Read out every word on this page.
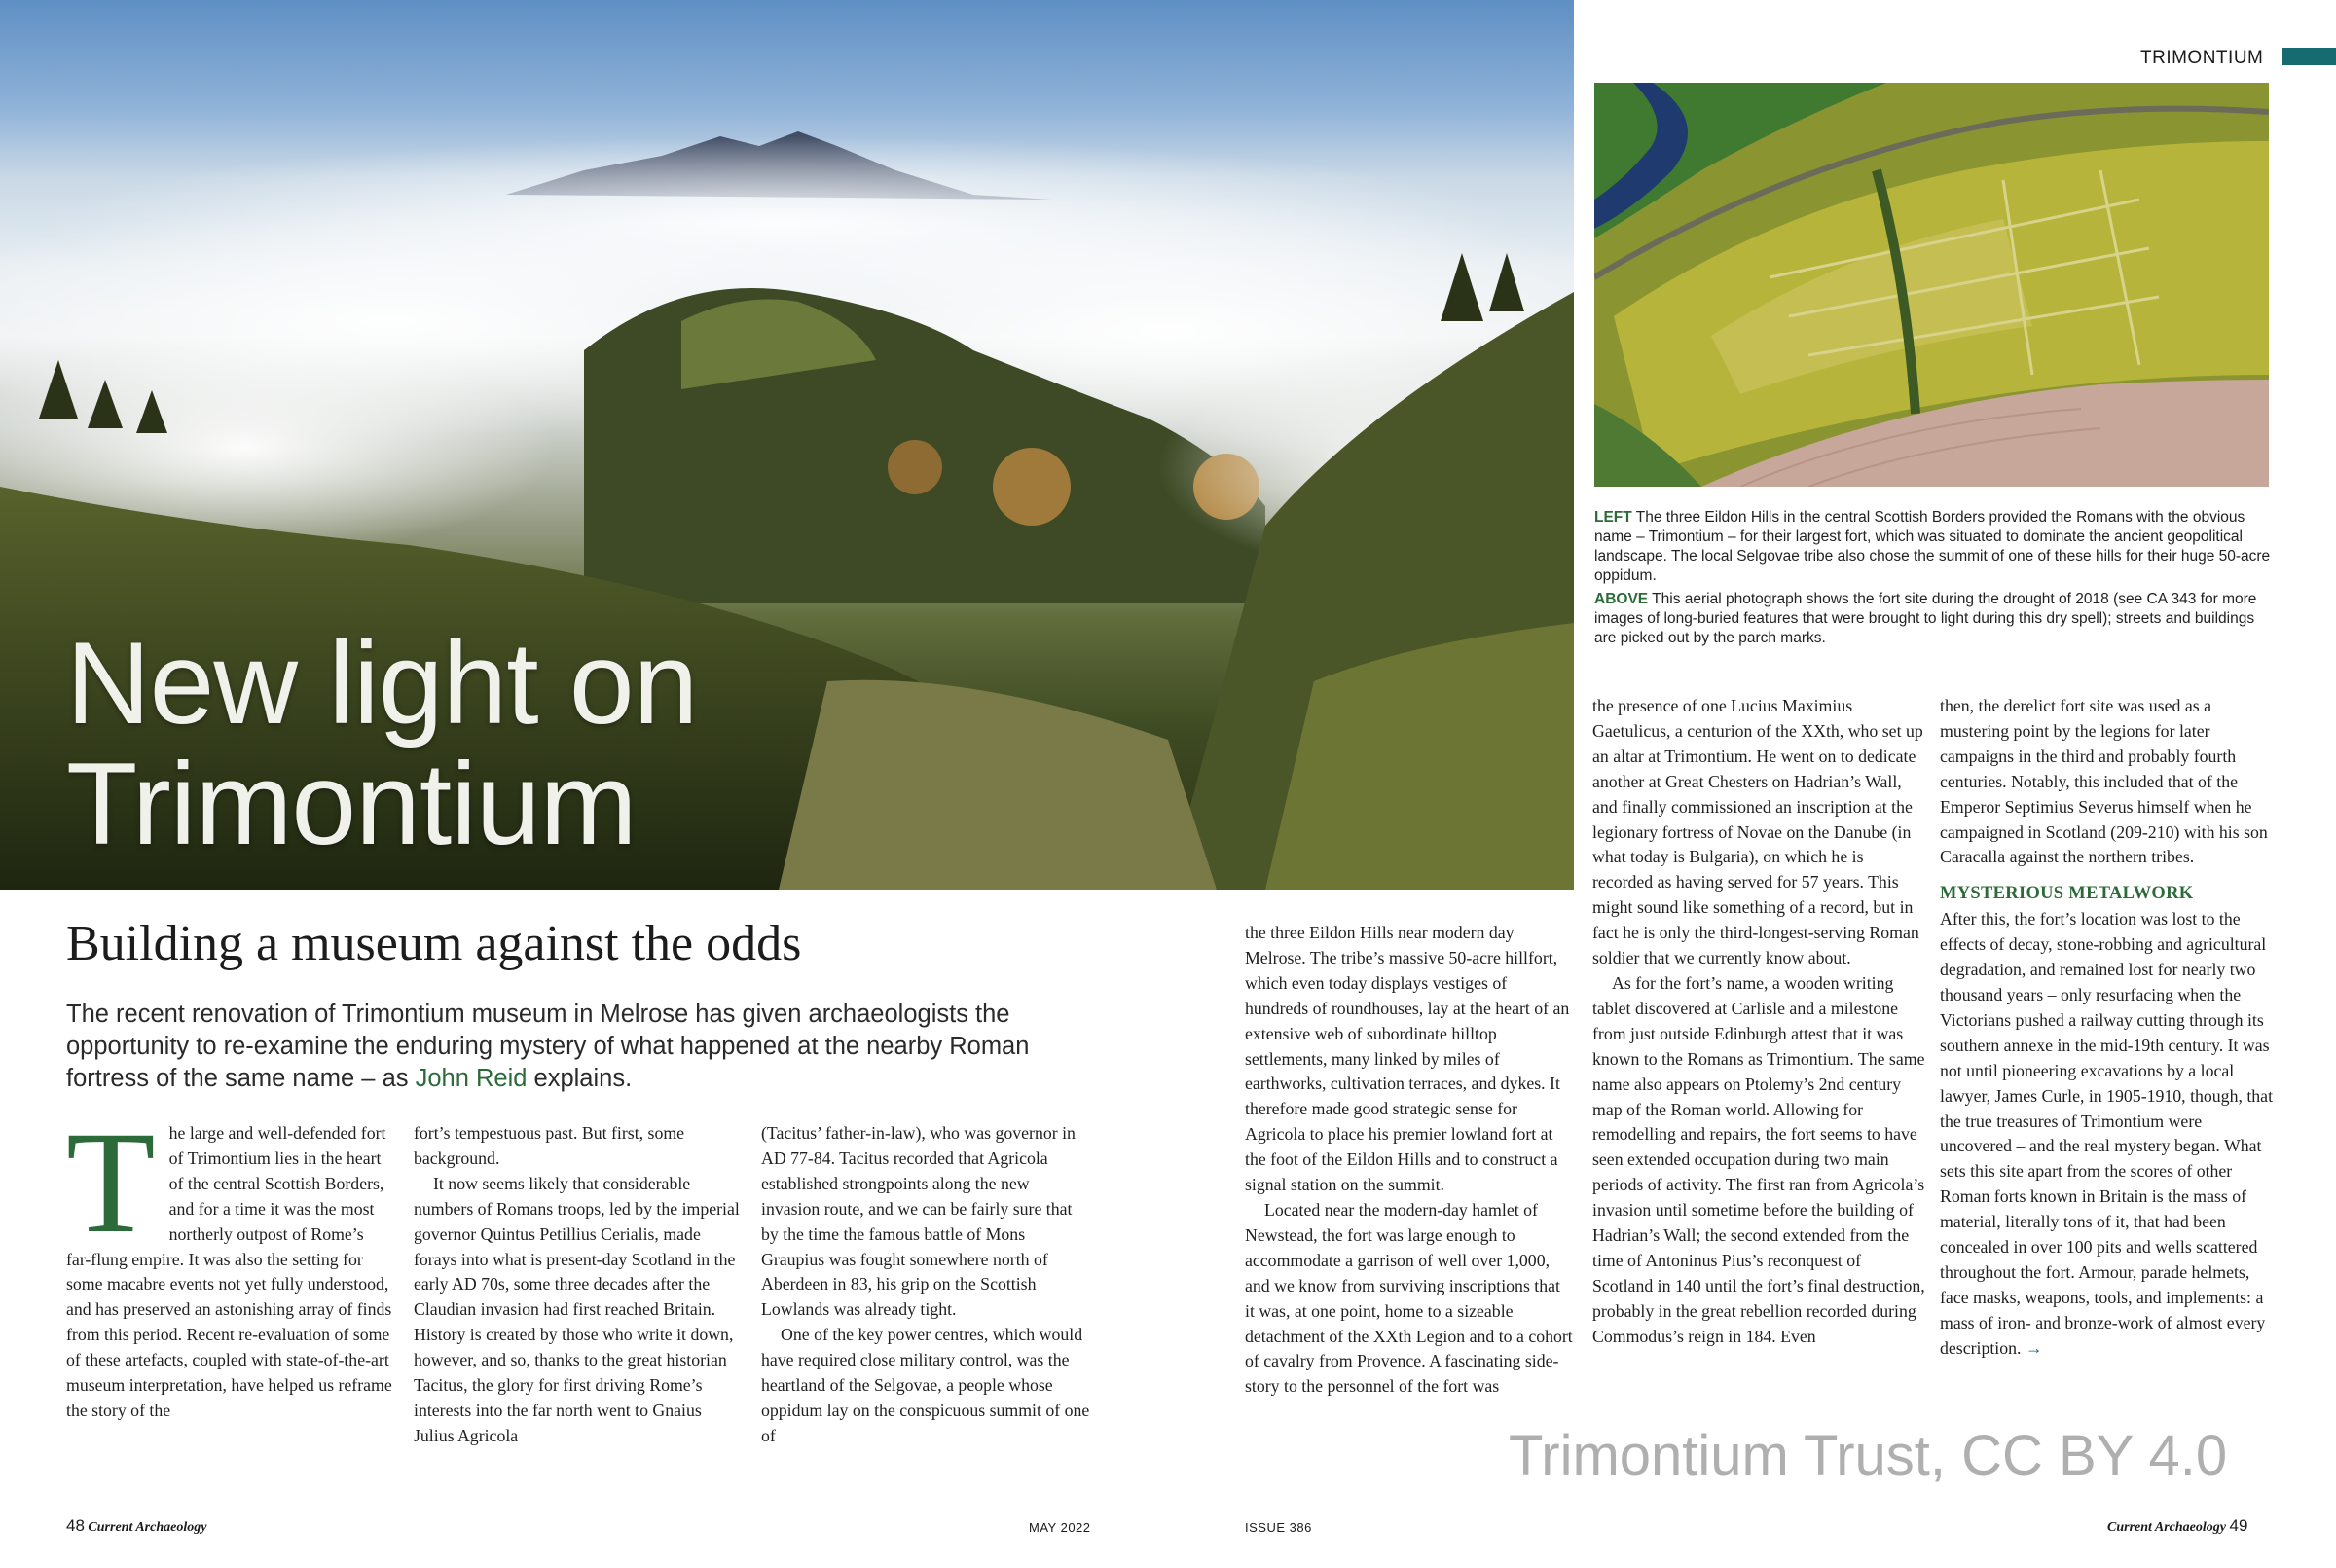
New light on
Trimontium
TRIMONTIUM

LEFT The three Eildon Hills in the central Scottish Borders provided the Romans with the obvious name – Trimontium – for their largest fort, which was situated to dominate the ancient geopolitical landscape. The local Selgovae tribe also chose the summit of one of these hills for their huge 50-acre oppidum.

ABOVE This aerial photograph shows the fort site during the drought of 2018 (see CA 343 for more images of long-buried features that were brought to light during this dry spell); streets and buildings are picked out by the parch marks.

Building a museum against the odds
The recent renovation of Trimontium museum in Melrose has given archaeologists the opportunity to re-examine the enduring mystery of what happened at the nearby Roman fortress of the same name – as John Reid explains.
T he large and well-defended fort of Trimontium lies in the heart of the central Scottish Borders, and for a time it was the most northerly outpost of Rome’s far-flung empire. It was also the setting for some macabre events not yet fully understood, and has preserved an astonishing array of finds from this period. Recent re-evaluation of some of these artefacts, coupled with state-of-the-art museum interpretation, have helped us reframe the story of the

fort’s tempestuous past. But first, some background.

It now seems likely that considerable numbers of Romans troops, led by the imperial governor Quintus Petillius Cerialis, made forays into what is present-day Scotland in the early AD 70s, some three decades after the Claudian invasion had first reached Britain. History is created by those who write it down, however, and so, thanks to the great historian Tacitus, the glory for first driving Rome’s interests into the far north went to Gnaius Julius Agricola

(Tacitus’ father-in-law), who was governor in AD 77-84. Tacitus recorded that Agricola established strongpoints along the new invasion route, and we can be fairly sure that by the time the famous battle of Mons Graupius was fought somewhere north of Aberdeen in 83, his grip on the Scottish Lowlands was already tight.

One of the key power centres, which would have required close military control, was the heartland of the Selgovae, a people whose oppidum lay on the conspicuous summit of one of

the three Eildon Hills near modern day Melrose. The tribe’s massive 50-acre hillfort, which even today displays vestiges of hundreds of roundhouses, lay at the heart of an extensive web of subordinate hilltop settlements, many linked by miles of earthworks, cultivation terraces, and dykes. It therefore made good strategic sense for Agricola to place his premier lowland fort at the foot of the Eildon Hills and to construct a signal station on the summit.

Located near the modern-day hamlet of Newstead, the fort was large enough to accommodate a garrison of well over 1,000, and we know from surviving inscriptions that it was, at one point, home to a sizeable detachment of the XXth Legion and to a cohort of cavalry from Provence. A fascinating side-story to the personnel of the fort was

the presence of one Lucius Maximius Gaetulicus, a centurion of the XXth, who set up an altar at Trimontium. He went on to dedicate another at Great Chesters on Hadrian’s Wall, and finally commissioned an inscription at the legionary fortress of Novae on the Danube (in what today is Bulgaria), on which he is recorded as having served for 57 years. This might sound like something of a record, but in fact he is only the third-longest-serving Roman soldier that we currently know about.

As for the fort’s name, a wooden writing tablet discovered at Carlisle and a milestone from just outside Edinburgh attest that it was known to the Romans as Trimontium. The same name also appears on Ptolemy’s 2nd century map of the Roman world. Allowing for remodelling and repairs, the fort seems to have seen extended occupation during two main periods of activity. The first ran from Agricola’s invasion until sometime before the building of Hadrian’s Wall; the second extended from the time of Antoninus Pius’s reconquest of Scotland in 140 until the fort’s final destruction, probably in the great rebellion recorded during Commodus’s reign in 184. Even

then, the derelict fort site was used as a mustering point by the legions for later campaigns in the third and probably fourth centuries. Notably, this included that of the Emperor Septimius Severus himself when he campaigned in Scotland (209-210) with his son Caracalla against the northern tribes.

MYSTERIOUS METALWORK

After this, the fort’s location was lost to the effects of decay, stone-robbing and agricultural degradation, and remained lost for nearly two thousand years – only resurfacing when the Victorians pushed a railway cutting through its southern annexe in the mid-19th century. It was not until pioneering excavations by a local lawyer, James Curle, in 1905-1910, though, that the true treasures of Trimontium were uncovered – and the real mystery began. What sets this site apart from the scores of other Roman forts known in Britain is the mass of material, literally tons of it, that had been concealed in over 100 pits and wells scattered throughout the fort. Armour, parade helmets, face masks, weapons, tools, and implements: a mass of iron- and bronze-work of almost every description. →

Trimontium Trust, CC BY 4.0
48 Current Archaeology	MAY 2022	ISSUE 386	Current Archaeology 49
